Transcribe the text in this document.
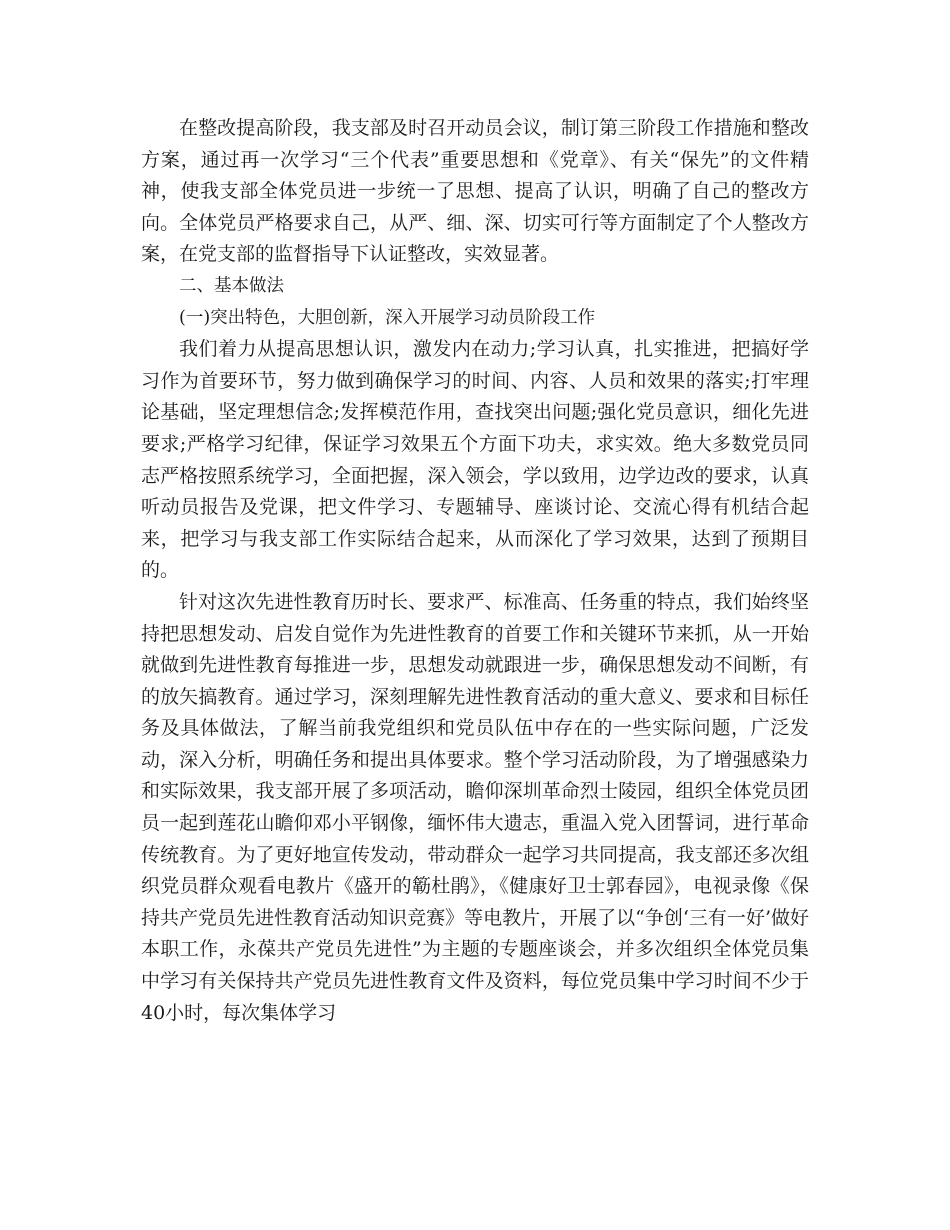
在整改提高阶段，我支部及时召开动员会议，制订第三阶段工作措施和整改方案，通过再一次学习“三个代表”重要思想和《党章》、有关“保先”的文件精神，使我支部全体党员进一步统一了思想、提高了认识，明确了自己的整改方向。全体党员严格要求自己，从严、细、深、切实可行等方面制定了个人整改方案，在党支部的监督指导下认证整改，实效显著。

二、基本做法

(一)突出特色，大胆创新，深入开展学习动员阶段工作

我们着力从提高思想认识，激发内在动力;学习认真，扎实推进，把搞好学习作为首要环节，努力做到确保学习的时间、内容、人员和效果的落实;打牢理论基础，坚定理想信念;发挥模范作用，查找突出问题;强化党员意识，细化先进要求;严格学习纪律，保证学习效果五个方面下功夫，求实效。绝大多数党员同志严格按照系统学习，全面把握，深入领会，学以致用，边学边改的要求，认真听动员报告及党课，把文件学习、专题辅导、座谈讨论、交流心得有机结合起来，把学习与我支部工作实际结合起来，从而深化了学习效果，达到了预期目的。

针对这次先进性教育历时长、要求严、标准高、任务重的特点，我们始终坚持把思想发动、启发自觉作为先进性教育的首要工作和关键环节来抓，从一开始就做到先进性教育每推进一步，思想发动就跟进一步，确保思想发动不间断，有的放矢搞教育。通过学习，深刻理解先进性教育活动的重大意义、要求和目标任务及具体做法，了解当前我党组织和党员队伍中存在的一些实际问题，广泛发动，深入分析，明确任务和提出具体要求。整个学习活动阶段，为了增强感染力和实际效果，我支部开展了多项活动，瞻仰深圳革命烈士陵园，组织全体党员团员一起到莲花山瞻仰邓小平钢像，缅怀伟大遗志，重温入党入团誓词，进行革命传统教育。为了更好地宣传发动，带动群众一起学习共同提高，我支部还多次组织党员群众观看电教片《盛开的簕杜鹃》，《健康好卫士郭春园》，电视录像《保持共产党员先进性教育活动知识竞赛》等电教片，开展了以“争创‘三有一好’做好本职工作，永葆共产党员先进性”为主题的专题座谈会，并多次组织全体党员集中学习有关保持共产党员先进性教育文件及资料，每位党员集中学习时间不少于40小时，每次集体学习
